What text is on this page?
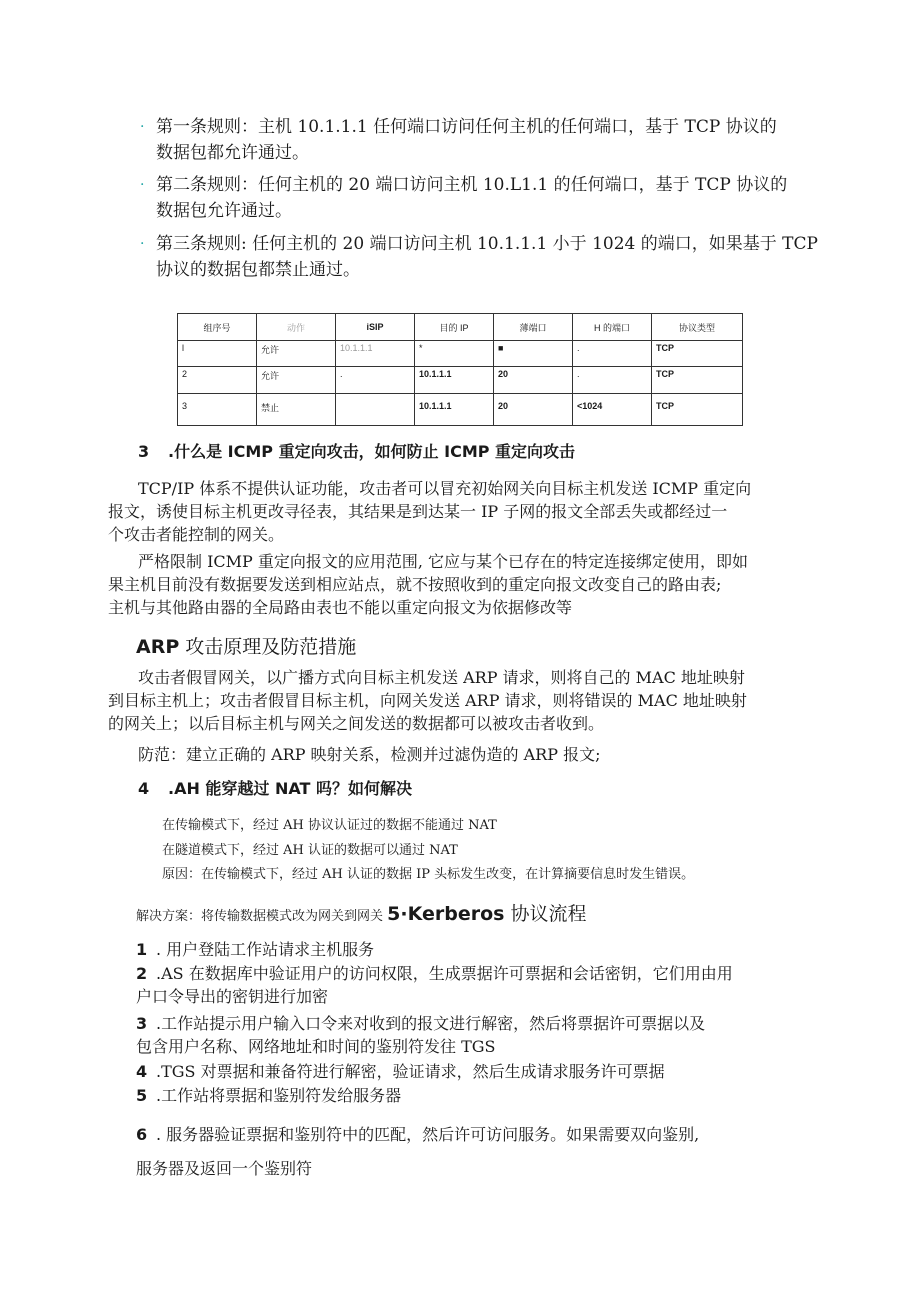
· 第一条规则：主机 10.1.1.1 任何端口访问任何主机的任何端口，基于 TCP 协议的
数据包都允许通过。
· 第二条规则：任何主机的 20 端口访问主机 10.L1.1 的任何端口，基于 TCP 协议的
数据包允许通过。
· 第三条规则: 任何主机的 20 端口访问主机 10.1.1.1 小于 1024 的端口，如果基于 TCP
协议的数据包都禁止通过。
组序号	动作	iSIP	目的 IP	薄端口	H 的端口	协议类型
l	允许	10.1.1.1	*	■	.	TCP
2	允许	.	10.1.1.1	20	.	TCP
3	禁止		10.1.1.1	20	<1024	TCP
3 .什么是 ICMP 重定向攻击，如何防止 ICMP 重定向攻击
TCP/IP 体系不提供认证功能，攻击者可以冒充初始网关向目标主机发送 ICMP 重定向
报文，诱使目标主机更改寻径表，其结果是到达某一 IP 子网的报文全部丢失或都经过一
个攻击者能控制的网关。
严格限制 ICMP 重定向报文的应用范围, 它应与某个已存在的特定连接绑定使用，即如
果主机目前没有数据要发送到相应站点，就不按照收到的重定向报文改变自己的路由表;
主机与其他路由器的全局路由表也不能以重定向报文为依据修改等
ARP 攻击原理及防范措施
攻击者假冒网关，以广播方式向目标主机发送 ARP 请求，则将自己的 MAC 地址映射
到目标主机上；攻击者假冒目标主机，向网关发送 ARP 请求，则将错误的 MAC 地址映射
的网关上；以后目标主机与网关之间发送的数据都可以被攻击者收到。
防范：建立正确的 ARP 映射关系，检测并过滤伪造的 ARP 报文;
4 .AH 能穿越过 NAT 吗？如何解决
在传输模式下，经过 AH 协议认证过的数据不能通过 NAT
在隧道模式下，经过 AH 认证的数据可以通过 NAT
原因：在传输模式下，经过 AH 认证的数据 IP 头标发生改变，在计算摘要信息时发生错误。
解决方案：将传输数据模式改为网关到网关 5·Kerberos 协议流程
1 . 用户登陆工作站请求主机服务
2 .AS 在数据库中验证用户的访问权限，生成票据许可票据和会话密钥，它们用由用
户口令导出的密钥进行加密
3 .工作站提示用户输入口令来对收到的报文进行解密，然后将票据许可票据以及
包含用户名称、网络地址和时间的鉴别符发往 TGS
4 .TGS 对票据和兼备符进行解密，验证请求，然后生成请求服务许可票据
5 .工作站将票据和鉴别符发给服务器
6 . 服务器验证票据和鉴别符中的匹配，然后许可访问服务。如果需要双向鉴别,
服务器及返回一个鉴别符
